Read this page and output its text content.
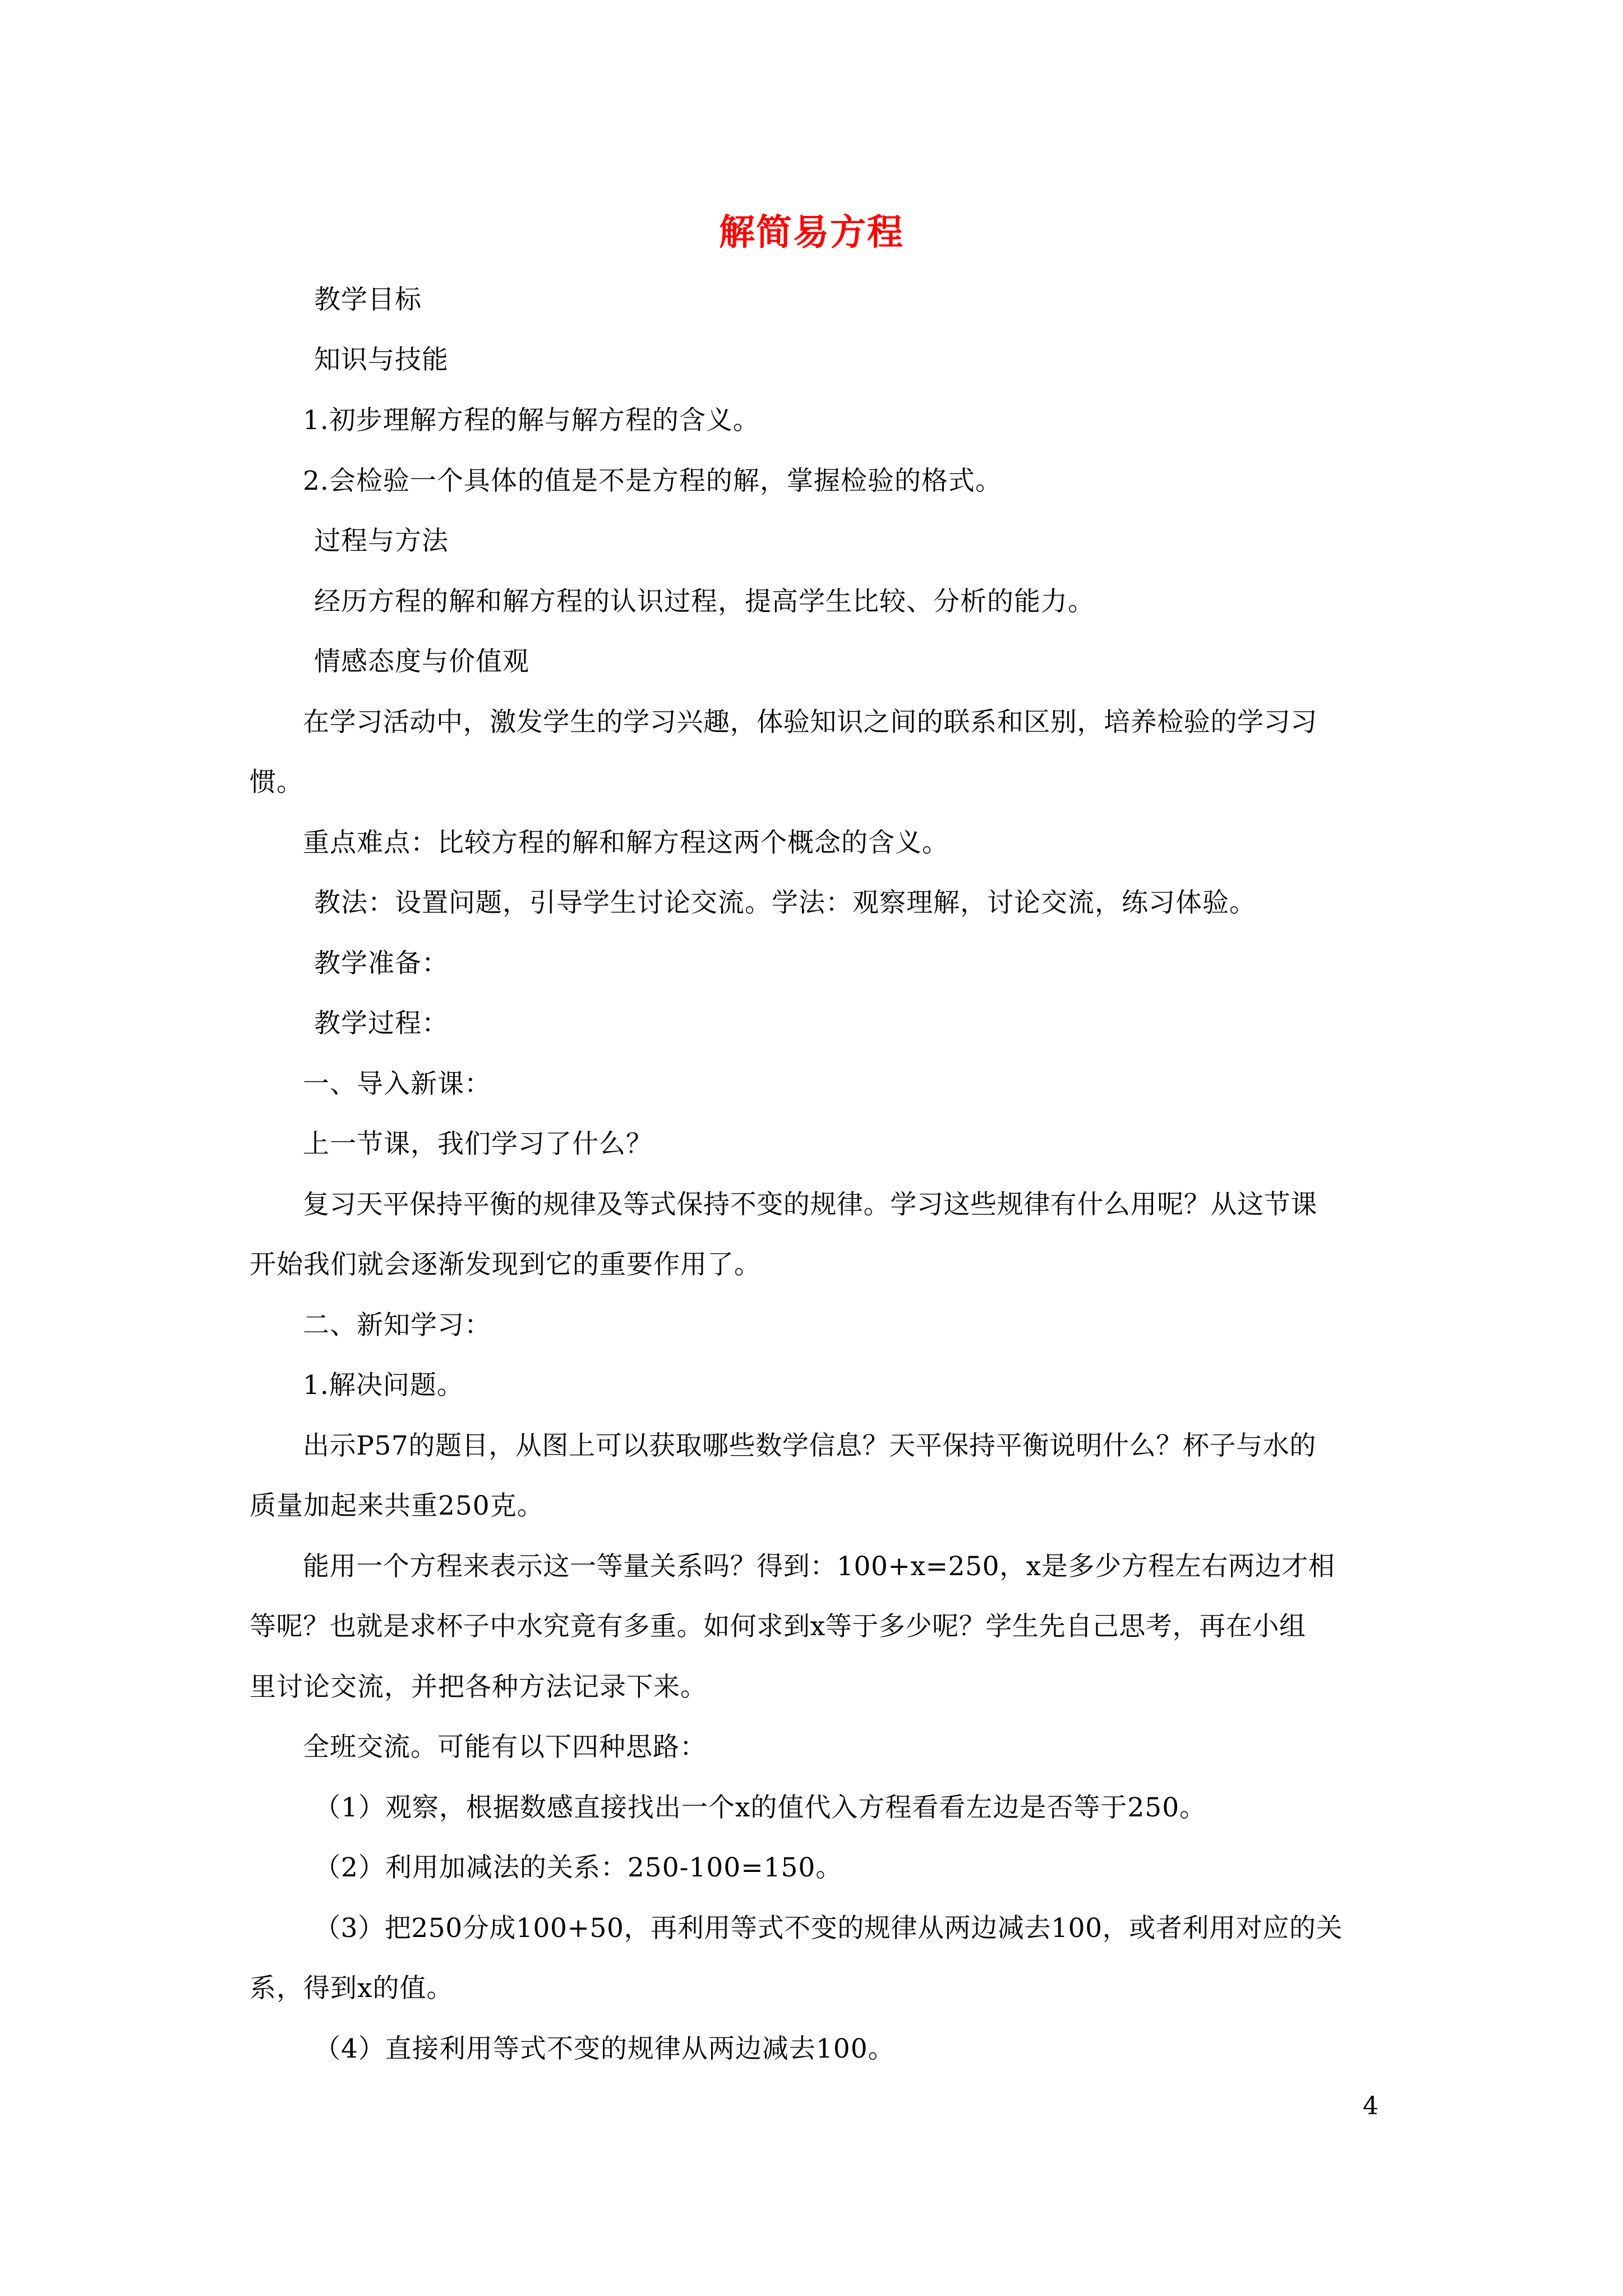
解简易方程
教学目标
知识与技能
1.初步理解方程的解与解方程的含义。
2.会检验一个具体的值是不是方程的解，掌握检验的格式。
过程与方法
经历方程的解和解方程的认识过程，提高学生比较、分析的能力。
情感态度与价值观
在学习活动中，激发学生的学习兴趣，体验知识之间的联系和区别，培养检验的学习习
惯。
重点难点：比较方程的解和解方程这两个概念的含义。
教法：设置问题，引导学生讨论交流。学法：观察理解，讨论交流，练习体验。
教学准备：
教学过程：
一、导入新课：
上一节课，我们学习了什么？
复习天平保持平衡的规律及等式保持不变的规律。学习这些规律有什么用呢？从这节课
开始我们就会逐渐发现到它的重要作用了。
二、新知学习：
1.解决问题。
出示P57的题目，从图上可以获取哪些数学信息？天平保持平衡说明什么？杯子与水的
质量加起来共重250克。
能用一个方程来表示这一等量关系吗？得到：100+x=250，x是多少方程左右两边才相
等呢？也就是求杯子中水究竟有多重。如何求到x等于多少呢？学生先自己思考，再在小组
里讨论交流，并把各种方法记录下来。
全班交流。可能有以下四种思路：
（1）观察，根据数感直接找出一个x的值代入方程看看左边是否等于250。
（2）利用加减法的关系：250-100=150。
（3）把250分成100+50，再利用等式不变的规律从两边减去100，或者利用对应的关
系，得到x的值。
（4）直接利用等式不变的规律从两边减去100。
4
